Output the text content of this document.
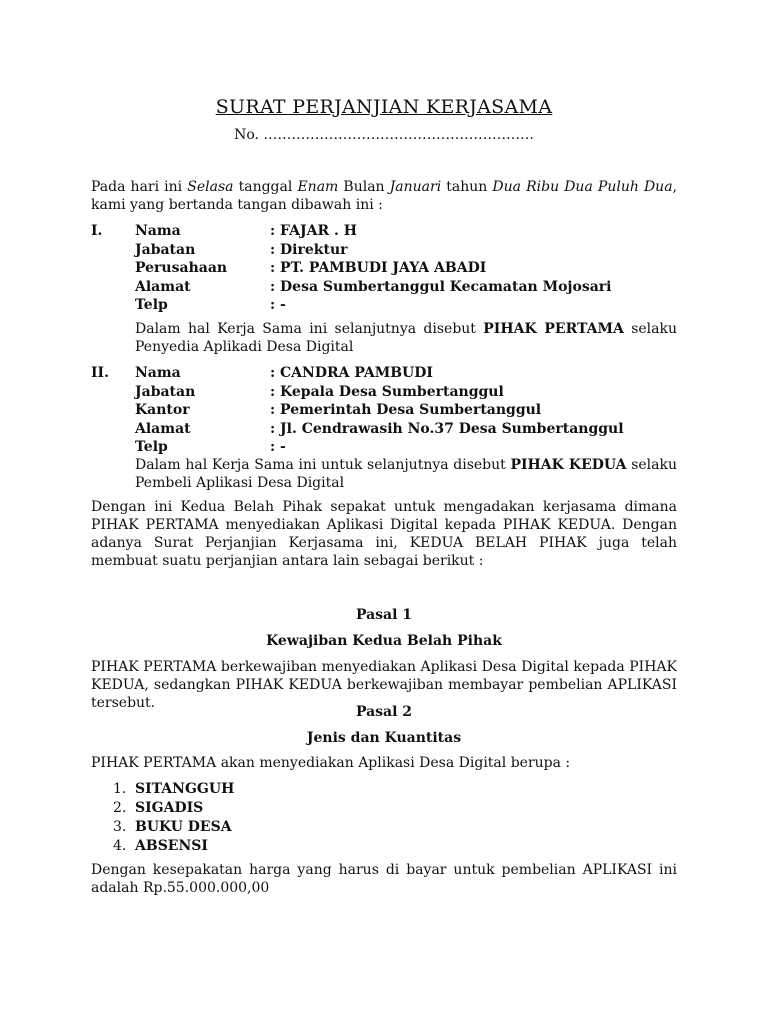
SURAT PERJANJIAN KERJASAMA
No. ………………………………………………….
Pada hari ini Selasa tanggal Enam Bulan Januari tahun Dua Ribu Dua Puluh Dua, kami yang bertanda tangan dibawah ini :
I. Nama	: FAJAR . H
Jabatan	: Direktur
Perusahaan	: PT. PAMBUDI JAYA ABADI
Alamat	: Desa Sumbertanggul Kecamatan Mojosari
Telp	: -
Dalam hal Kerja Sama ini selanjutnya disebut PIHAK PERTAMA selaku Penyedia Aplikadi Desa Digital
II. Nama	: CANDRA PAMBUDI
Jabatan	: Kepala Desa Sumbertanggul
Kantor	: Pemerintah Desa Sumbertanggul
Alamat	: Jl. Cendrawasih No.37 Desa Sumbertanggul
Telp	: -
Dalam hal Kerja Sama ini untuk selanjutnya disebut PIHAK KEDUA selaku Pembeli Aplikasi Desa Digital
Dengan ini Kedua Belah Pihak sepakat untuk mengadakan kerjasama dimana PIHAK PERTAMA menyediakan Aplikasi Digital kepada PIHAK KEDUA. Dengan adanya Surat Perjanjian Kerjasama ini, KEDUA BELAH PIHAK juga telah membuat suatu perjanjian antara lain sebagai berikut :
Pasal 1
Kewajiban Kedua Belah Pihak
PIHAK PERTAMA berkewajiban menyediakan Aplikasi Desa Digital kepada PIHAK KEDUA, sedangkan PIHAK KEDUA berkewajiban membayar pembelian APLIKASI tersebut.
Pasal 2
Jenis dan Kuantitas
PIHAK PERTAMA akan menyediakan Aplikasi Desa Digital berupa :
1. SITANGGUH
2. SIGADIS
3. BUKU DESA
4. ABSENSI
Dengan kesepakatan harga yang harus di bayar untuk pembelian APLIKASI ini adalah Rp.55.000.000,00
